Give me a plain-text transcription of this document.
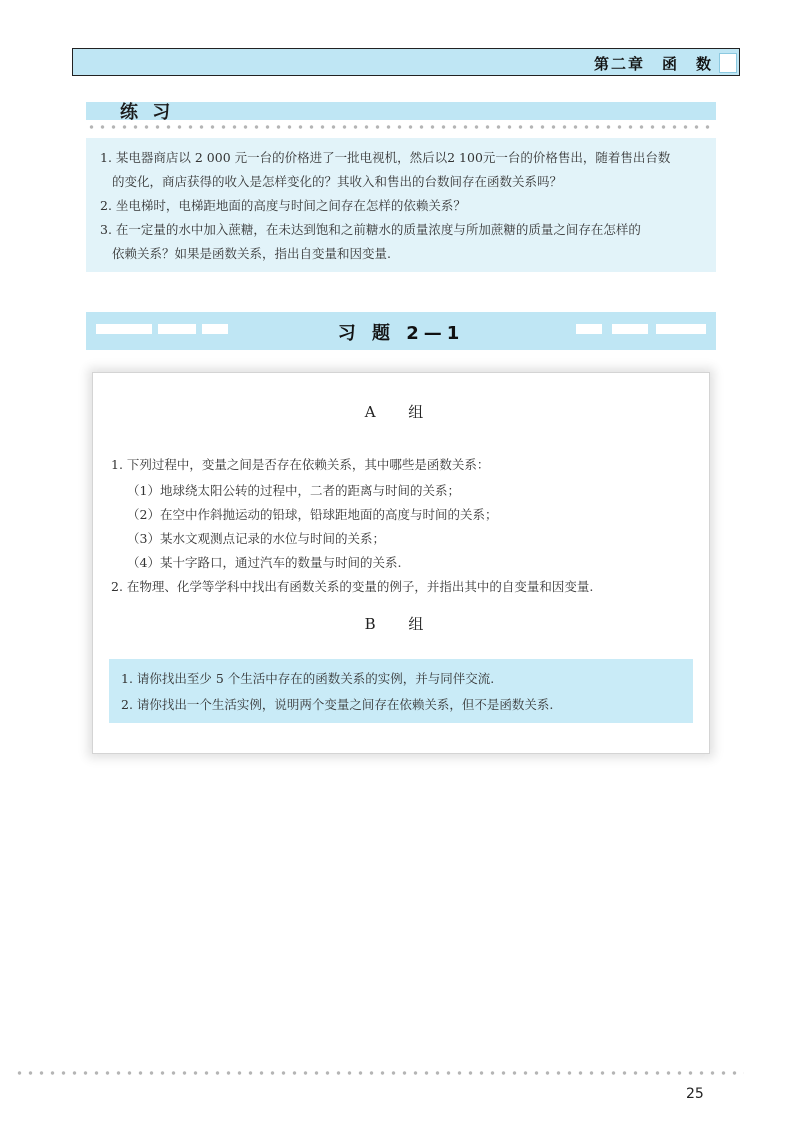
第二章　函　数
练 习

1. 某电器商店以 2 000 元一台的价格进了一批电视机，然后以2 100元一台的价格售出，随着售出台数

的变化，商店获得的收入是怎样变化的？其收入和售出的台数间存在函数关系吗？

2. 坐电梯时，电梯距地面的高度与时间之间存在怎样的依赖关系？

3. 在一定量的水中加入蔗糖，在未达到饱和之前糖水的质量浓度与所加蔗糖的质量之间存在怎样的

依赖关系？如果是函数关系，指出自变量和因变量.

习 题 2—1
A 组
1. 下列过程中，变量之间是否存在依赖关系，其中哪些是函数关系：
（1）地球绕太阳公转的过程中，二者的距离与时间的关系；
（2）在空中作斜抛运动的铅球，铅球距地面的高度与时间的关系；
（3）某水文观测点记录的水位与时间的关系；
（4）某十字路口，通过汽车的数量与时间的关系.
2. 在物理、化学等学科中找出有函数关系的变量的例子，并指出其中的自变量和因变量.
B 组
1. 请你找出至少 5 个生活中存在的函数关系的实例，并与同伴交流.
2. 请你找出一个生活实例，说明两个变量之间存在依赖关系，但不是函数关系.
25
